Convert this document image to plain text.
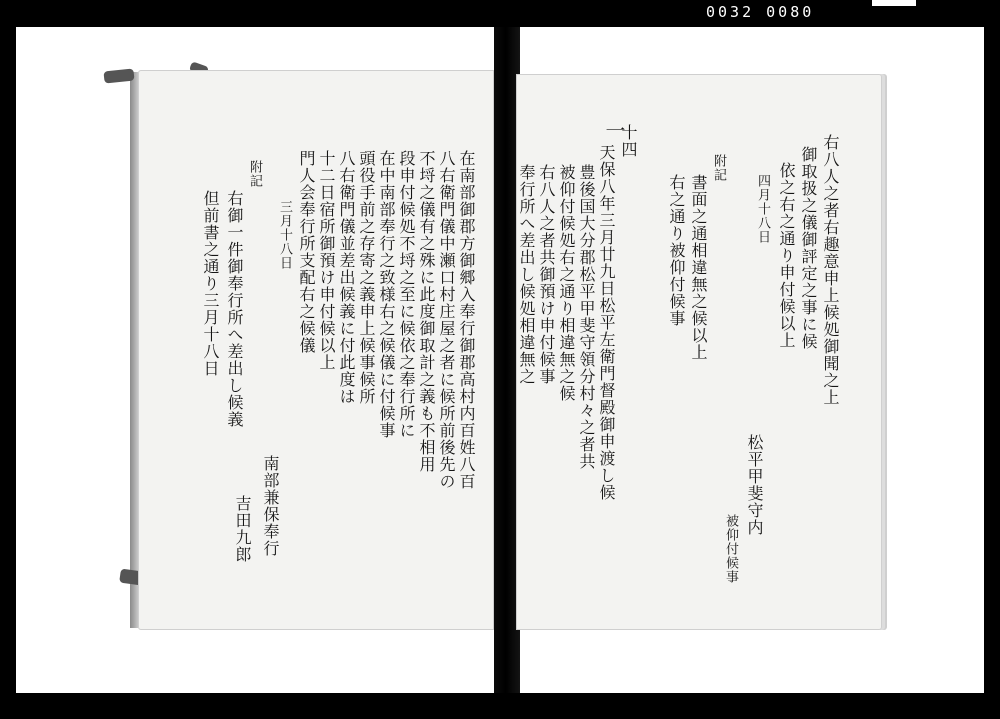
0032 0080
在南部御郡方御郷入奉行御郡高村内百姓八百
八右衛門儀中瀬口村庄屋之者に候所前後先の
不埒之儀有之殊に此度御取計之義も不相用
段申付候処不埒之至に候依之奉行所に
在中南部奉行之致様右之候儀に付候事
頭役手前之存寄之義申上候事候所
八右衛門儀並差出候義に付此度は
十二日宿所御預け申付候以上
門人会奉行所支配右之候儀
三月十八日
附記
右御一件御奉行所へ差出し候義
但前書之通り三月十八日
南部兼保奉行
吉田九郎
右八人之者右趣意申上候処御聞之上
御取扱之儀御評定之事に候
依之右之通り申付候以上
四月十八日
附記
書面之通相違無之候以上
右之通り被仰付候事
十四
一
天保八年三月廿九日松平左衛門督殿御申渡し候
豊後国大分郡松平甲斐守領分村々之者共
被仰付候処右之通り相違無之候
右八人之者共御預け申付候事
奉行所へ差出し候処相違無之
松平甲斐守内
被仰付候事
